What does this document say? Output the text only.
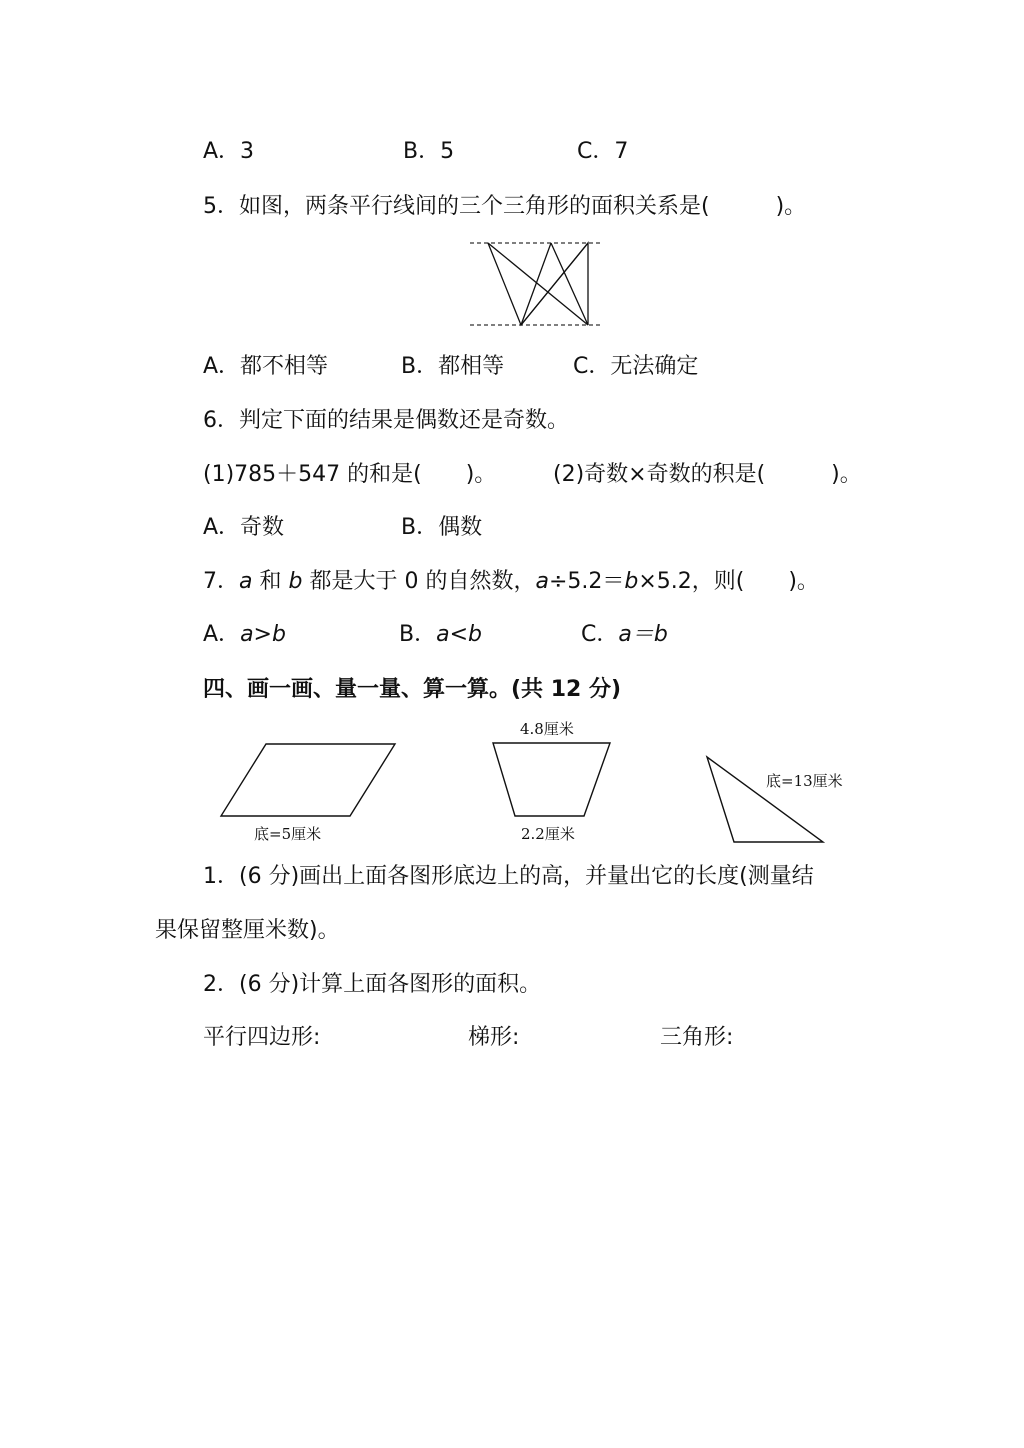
A．3	B．5	C．7
5．如图，两条平行线间的三个三角形的面积关系是(　　　)。
A．都不相等	B．都相等	C．无法确定
6．判定下面的结果是偶数还是奇数。
(1)785＋547 的和是(　　)。	(2)奇数×奇数的积是(　　　)。
A．奇数	B．偶数
7．a 和 b 都是大于 0 的自然数，a÷5.2＝b×5.2，则(　　)。
A．a>b	B．a<b	C．a＝b
四、画一画、量一量、算一算。(共 12 分)
底=5厘米
4.8厘米
2.2厘米
底=13厘米
1．(6 分)画出上面各图形底边上的高，并量出它的长度(测量结
果保留整厘米数)。
2．(6 分)计算上面各图形的面积。
平行四边形:	梯形:	三角形:
